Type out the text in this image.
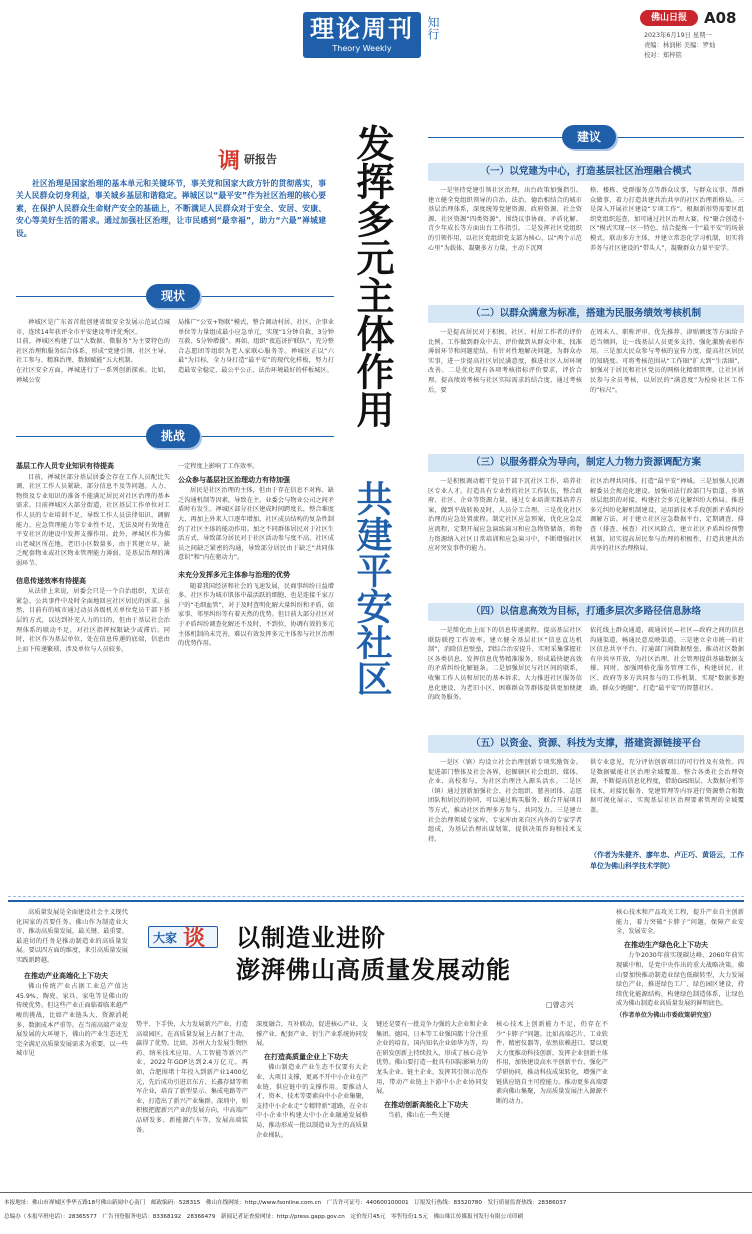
理论周刊
Theory Weekly
知行	佛山日报	A08
2023年6月19日 星期一
责编：林润彬 美编：罗灿
校对：郑梓铭
调 研报告
社区治理是国家治理的基本单元和关键环节，事关党和国家大政方针的贯彻落实，事关人民群众切身利益，事关城乡基层和谐稳定。禅城区以“最平安”作为社区治理的核心要素，在保护人民群众生命财产安全的基础上，不断满足人民群众对于安全、安居、安康、安心等美好生活的需求。通过加强社区治理，让市民感到“最幸福”，助力“六最”禅城建设。	发挥多元主体作用
共建平安社区
现状
禅城区是广东省首批创建省级安全发展示范试点城市，连续14年获评全市平安建设考评优秀区。
目前，禅城区构建了以“大数据、微服务”为主要特色的社区治理和服务综合体系，形成“党建引领、社区主导、社工参与、精准治理、数据赋能”五大机制。
在社区安全方面，禅城进行了一系列创新探索。比如，禅城公安
局推广“公安+物联”模式，整合调动村居、社区、企事业单位等力量组成最小应急单元，实现“1分钟自救、3分钟互救、5分钟增援”。再如，组织“夜巡济护联队”，充分整合志愿团等组织为老人家联心服务等。禅城区正以“六最”为目标，全力身打造“最平安”的现代化样板，努力打造最安全稳定、最公平公正、法治环境最好的样板城区。
挑战

基层工作人员专业知识有待提高

目前，禅城区部分基层居委会存在工作人员配比失调、社区工作人员紧缺、部分信息不及等问题。人力、物资及专业知识的准备不能满足居民对社区治理的基本需求。目前禅城区大部分街道，社区基层工作单位对工作人员的专业培训不足，导致工作人员法律知识、调解能力、应急管理能力等专业性不足，无法及时有效地在平安社区的建设中发挥支撑作用。此外，禅城区作为佛山老城区所在地，老旧小区数量多，由于其建立早，缺乏配套物业或社区物业管理能力薄弱，是基层治理的薄弱环节。

信息传递效率有待提高

从法律上来说，居委会只是一个自治组织，无法在紧急、公共事件中及时全面地回应社区居民的诉求。虽然，目前有的城市通过动员各级机关单位党员干部下基层的方式，以达到补充人力的目的，但由于基层社会治理体系的联动不足，对社区指挥权限缺少或滞后。同时，社区作为基层单位，处在信息传递的底端，信息由上而下传递繁琐，涉及单位与人员较多，

一定程度上影响了工作效率。

公众参与基层社区治理动力有待加强

居民是社区治理的主体，但由于存在信息不对称、缺乏沟通机制等因素，导致在主、业委会与物业公司之间矛盾时有发生。禅城区部分社区建成时间跨度长，整合难度大，再加上外来人口逐年增加，社区成员结构的复杂性制约了社区主体的能动作用。加之不同群体居民对于社区生活方式、导致部分居民对于社区活动参与度不高，社区成员之间缺乏紧密的沟通，导致部分居民由于缺乏“共同体意识”和“内在驱动力”。

未充分发挥多元主体参与治理的优势

随着我国经济和社会的飞速发展，民商事纠纷日益增多。社区作为城市肌体中最活跃的细胞，也是连接千家万户的“毛细血管”，对于及时查明化解大量纠纷和矛盾，如家事、邻里纠纷等有着天然的优势。但目前大部分社区对于矛盾纠纷调查化解还不及时，不到位，协调有效的多元主体机制尚未完善，难以有效发挥多元主体参与社区治理的优势作用。

建议
（一）以党建为中心，打造基层社区治理融合模式
一是坚持党建引领社区治理，出台政策加强指引。建立健全党组织领导的自治、法治、德治相结合的城市基层治理体系，深度统筹党建资源、政府资源、社会资源、社区资源“四类资源”，围绕议事协商、矛盾化解、青少年成长等方面出台工作指引。二是发挥社区党组织的引领作用，以社区党组织党支部为核心，以“两个示范心里”为载体，凝聚多方力量，主动下沉网
格、楼栋、党群服务点等群众议事，与群众议事、帮群众做事，着力打造共建共治共享的社区治理新格局。三是深入开展社区建设“专项工作”。根据新形势需要区组织党组织巡查，加可通过社区治理大赛，按“聚合创造小区”模式实现一区一特色、结合提炼一个“最平安”的场景模式，联动多方主体，并建立常态化学习机制，切实将养务与社区建设的“带头人”，凝聚群众力量平安学。
（二）以群众满意为标准，搭建为民服务绩效考核机制
一是提高居民对于积极、社区、村居工作者的评价比例。工作做到群众中去、评价做到从群众中来，找准薄弱环节和问题症结，有针对性地解决问题，为群众办实事，进一步提高社区居民满意度，推进社区人居环境改善。二是优化现有各项考核指标评价要求，评价合理。提高绩效考核与社区实际需求的结合度，通过考核后，要
在周末人、职称评审、优先推荐、津贴额度等方面给予适当倾斜，让一线基层人员更多支持，强化激励表彰作用。三是加大民众参与考核的宣传力度，提高社区居民的知晓度。可将考核范围从“工作圈”扩大到“生活圈”，加强对于居民和社区党员的网格化精细管理，让社区居民参与全员考核，以居民的“满意度”为检验社区工作的“标尺”。
（三）以服务群众为导向，制定人力物力资源调配方案
一是积极调动精干党员干部下沉社区工作，培养社区专业人才。打造具有专业性的社区工作队伍，整合政府、社区、企业等资源力量，通过专业培训实践培养方案，做到平战转换及时、人员分工合理。三是优化社区治理的应急处置流程。制定社区应急预案，优化应急反应流程，定期开展应急演练演习和应急物资储备，将物力资源纳入社区日常培训和应急演习中，不断增强社区应对突发事件的能力。
社区治理共同体，打造“最平安”禅城。三是加强人民调解委员会规范化建设。加强司法行政部门与街道、乡镇基层组织的对接，构建社会多元化解纠纷大格局，推进多元纠纷化解机制建设，运用新技术手段创新矛盾纠纷调解方法。对于建立社区应急数据平台，定期调查、排查（排查、核查）社区风险点，建立社区矛盾纠纷预警机制，切实提高居民参与治理的积极性，打造共建共治共享的社区治理格局。
（四）以信息高效为目标，打通多层次多路径信息脉络
一是简化由上而下的信息传递流程，提高基层社区联防联控工作效率。建立健全基层社区“信息直达机制”，消除信息壁垒，到综合治安提升，实时采集掌握社区各类信息，发挥信息优势精准服务，形成最快捷高效的矛盾纠纷化解链条。二是加强居民与社区间的联系，收集工作人员和居民的基本诉求。大力推进社区服务信息化建设，为老旧小区、困难群众等群体提供更加便捷的政务服务。
依托线上群众通道，疏通居民—社区—政府之间的信息沟通渠道，畅通民意反映渠道。三是建立全市统一的社区信息共享平台，打通部门间数据壁垒，推动社区数据有序共享开放，为社区治理、社会管理提供基础数据支撑。同时，加强网格化服务管理工作，构建居民、社区、政府等多方共同参与的工作机制，实现“数据多跑路，群众少跑腿”，打造“最平安”的智慧社区。
（五）以资金、资源、科技为支撑，搭建资源链接平台
一是区（镇）均设立社会治理创新专项奖励资金。促进部门整体及社会各界，挖掘辖区社会组织、媒体、企业、高校参与，为社区治理注入源头活水。二是区（镇）通过创新加强社会、社会组织、慈善团体、志愿团队和居民的协同，可以通过购买服务、联合开展项目等方式，推动社区治理多方参与、共同发力。三是建立社会治理领域专家库，专家库由来自区内外的专家学者组成，为基层治理出谋划策，提供决策咨询和技术支持。
供专业意见，充分评估创新项目的可行性及有效性。四是数据赋能社区治理全域覆盖。整合各类社会治理资源，不断提高信息化程度，借助GIS图层、大数据分析等技术，对接民服务、党建管理等内容进行资源整合和数据可视化展示，实现基层社区治理要素管理的全域覆盖。
（作者为朱健齐、廖年忠、卢正巧、黄语云，工作单位为佛山科学技术学院）
大家 谈 以制造业进阶
澎湃佛山高质量发展动能
□曾志兴

高质量发展是全面建设社会主义现代化国家的首要任务。佛山作为制造业大市，推动高质量发展，最关键、最重要、最迫切的任务是推动制造业的高质量发展。要以四方面的维度，来引高质量发展实践新跨越。

在推动产业高端化上下功夫

佛山传统产业占据工业总产值达45.9%，陶瓷、家具、家电等是佛山的传统优势。但这些产业正面临着临来越严峻的挑战，比如产业链头大、资源消耗多、数据成本严重等。在当前高端产业发展发展的大环境下，佛山的产业生态还无完全满足高质量发展需求为重要。以一些城市见

势平、下手快，大力发展新兴产业，打造高端园区，在高质量发展上占据了主动、赢得了优势。比如，苏州大力发展生物医药、纳米技术应用、人工智能等新兴产业，2022年GDP达到2.4万亿元。再如，合肥围堵十年投入到新产业1400亿元，先后成功引进京东方、长鑫存储等领军企业，培育了新型显示、集成电路等产业，打造出了新兴产业集群。深圳中，则积极把握新兴产业的发展方向，中高端产品研发多、新能源汽车等，发展高端装备。

深度融合，互补联动，促进核心产业、支撑产业、配套产业、衍生产业系统协同发展。

在打造高质量企业上下功夫

佛山制造业产业生态不仅要有大企业、大项目支撑，更离不开中小企业在产业链、供应链中的支撑作用。要推动人才、资本、技术等要素向中小企业集聚，支持中小企业走“专精特新”道路，在全市中小企业中构建大中小企业融通发展格局，推动形成一批以制造业为主的高质量企业梯队。

键还是要有一批竞争力强的大企业和企业集团。德国、日本等工业强国都十分注重企业的培育，国内知名企业如华为等，均在研发创新上持续投入，形成了核心竞争优势。佛山要打造一批具有国际影响力的龙头企业、链主企业，发挥其引领示范作用，带动产业链上下游中小企业协同发展。

在推动创新高能化上下功夫

当前，佛山在一些关键

核心技术上创新能力不足，仍存在不少“卡脖子”问题。比如高端芯片、工业软件、精密仪器等，依然依赖进口。要以更大力度推动科技创新，发挥企业创新主体作用，加快建设高水平创新平台，强化产学研协同，推动科技成果转化，增强产业链供应链自主可控能力。推动更多高端要素向佛山集聚，为高质量发展注入源源不断的动力。

核心技术和产品攻关工程，提升产业自主创新能力，着力突破“卡脖子”问题，保障产业安全、发展安全。

在推动生产绿色化上下功夫

力争2030年前实现碳达峰、2060年前实现碳中和，是党中央作出的重大战略决策。佛山要加快推动制造业绿色低碳转型，大力发展绿色产业，推进绿色工厂、绿色园区建设，持续优化能源结构，构建绿色制造体系，让绿色成为佛山制造业高质量发展的鲜明底色。

（作者单位为佛山市委政策研究室）

本报地址：佛山市禅城区季华五路18号佛山新闻中心南门　邮政编码：528315　佛山在线网址：http://www.fsonline.com.cn　广告许可证号：440600100001　订报发行热线：83320780　发行质量监督热线：28386037
总编办（本报早班电话）：28365577　广告刊登服务电话：83368192　28366479　新闻记者证查验网址：http://press.gapp.gov.cn　定价每月45元　零售每份1.5元　佛山珠江传媒报刊发行有限公司印刷
